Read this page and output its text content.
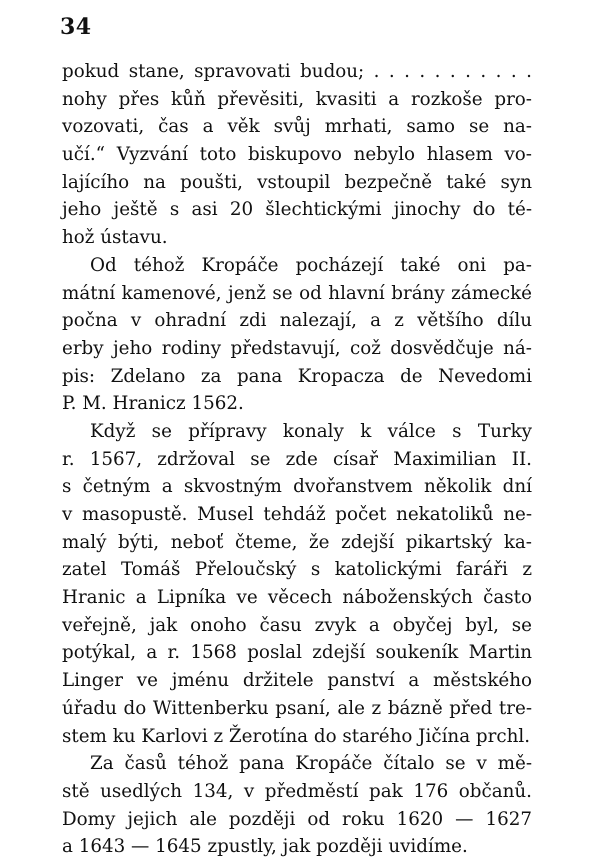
34
pokud stane, spravovati budou; . . . . . . . . . . .
nohy přes kůň převěsiti, kvasiti a rozkoše pro-
vozovati, čas a věk svůj mrhati, samo se na-
učí.“ Vyzvání toto biskupovo nebylo hlasem vo-
lajícího na poušti, vstoupil bezpečně také syn
jeho ještě s asi 20 šlechtickými jinochy do té-
hož ústavu.
Od téhož Kropáče pocházejí také oni pa-
mátní kamenové, jenž se od hlavní brány zámecké
počna v ohradní zdi nalezají, a z většího dílu
erby jeho rodiny představují, což dosvědčuje ná-
pis: Zdelano za pana Kropacza de Nevedomi
P. M. Hranicz 1562.
Když se přípravy konaly k válce s Turky
r. 1567, zdržoval se zde císař Maximilian II.
s četným a skvostným dvořanstvem několik dní
v masopustě. Musel tehdáž počet nekatoliků ne-
malý býti, neboť čteme, že zdejší pikartský ka-
zatel Tomáš Přeloučský s katolickými faráři z
Hranic a Lipníka ve věcech náboženských často
veřejně, jak onoho času zvyk a obyčej byl, se
potýkal, a r. 1568 poslal zdejší soukeník Martin
Linger ve jménu držitele panství a městského
úřadu do Wittenberku psaní, ale z bázně před tre-
stem ku Karlovi z Žerotína do starého Jičína prchl.
Za časů téhož pana Kropáče čítalo se v mě-
stě usedlých 134, v předměstí pak 176 občanů.
Domy jejich ale později od roku 1620 — 1627
a 1643 — 1645 zpustly, jak později uvidíme.
